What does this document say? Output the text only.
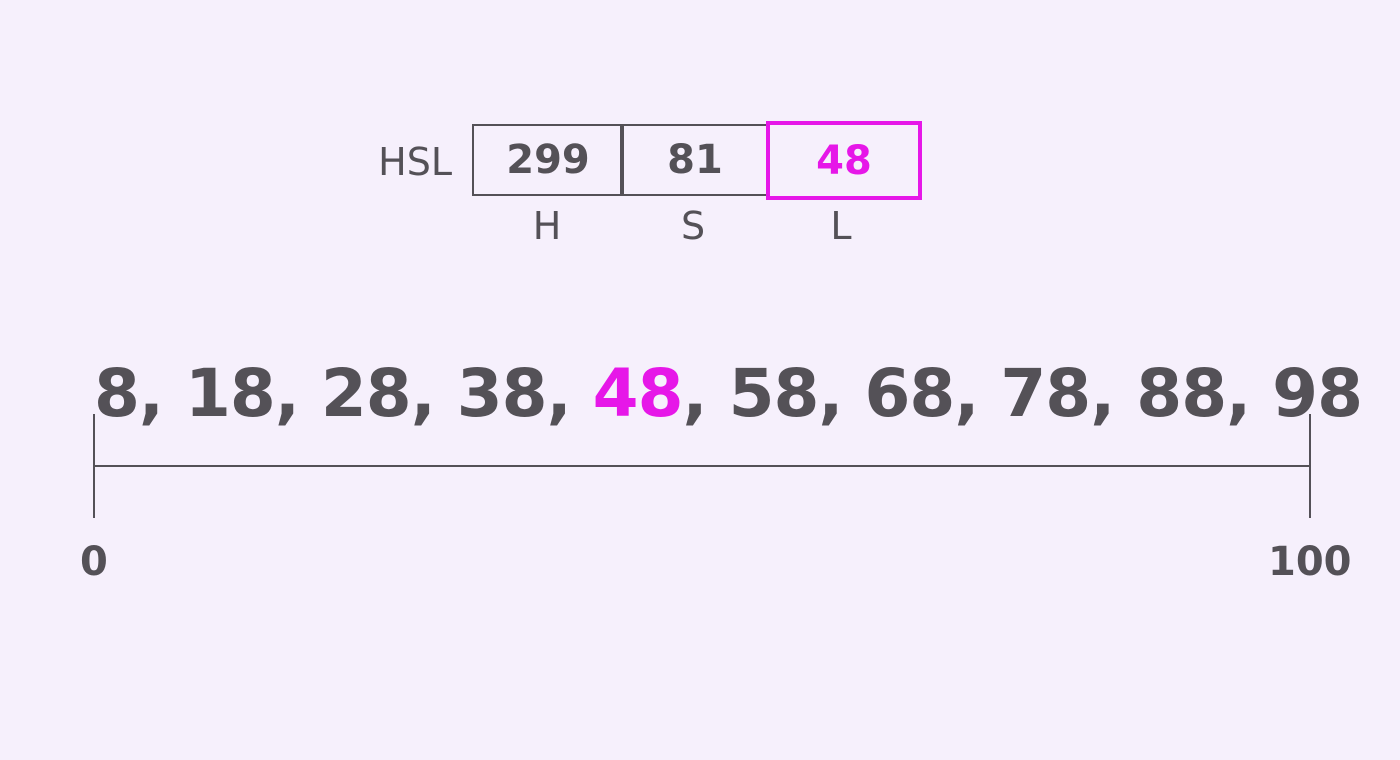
HSL	299	81	48
H	S	L
8, 18, 28, 38, 48, 58, 68, 78, 88, 98
0	100
